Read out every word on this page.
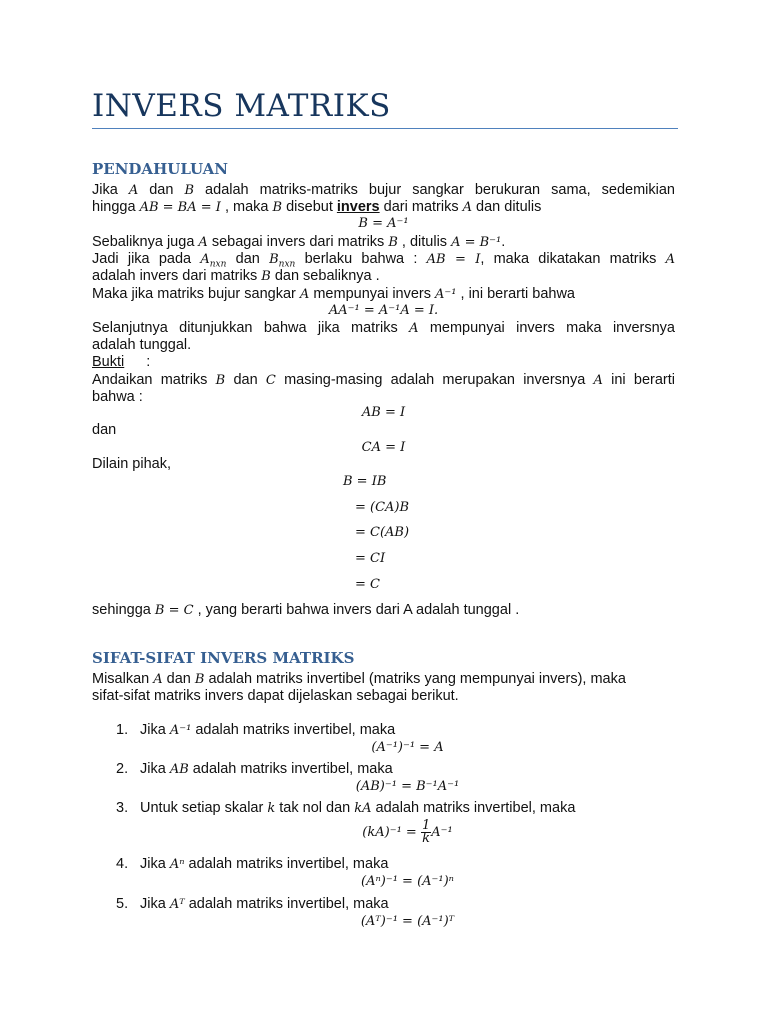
INVERS MATRIKS
PENDAHULUAN
Jika A dan B adalah matriks-matriks bujur sangkar berukuran sama, sedemikian
hingga AB = BA = I , maka B disebut invers dari matriks A dan ditulis
B = A⁻¹
Sebaliknya juga A sebagai invers dari matriks B , ditulis A = B⁻¹.
Jadi jika pada $A_{nxn}$ dan $B_{nxn}$ berlaku bahwa : AB = I, maka dikatakan matriks A
adalah invers dari matriks B dan sebaliknya .
Maka jika matriks bujur sangkar A mempunyai invers A⁻¹ , ini berarti bahwa
AA⁻¹ = A⁻¹A = I.
Selanjutnya ditunjukkan bahwa jika matriks A mempunyai invers maka inversnya
adalah tunggal.
Bukti :
Andaikan matriks B dan C masing-masing adalah merupakan inversnya A ini berarti
bahwa :
AB = I
dan
CA = I
Dilain pihak,
B = IB
= (CA)B
= C(AB)
= CI
= C
sehingga B = C , yang berarti bahwa invers dari A adalah tunggal .
SIFAT-SIFAT INVERS MATRIKS
Misalkan A dan B adalah matriks invertibel (matriks yang mempunyai invers), maka
sifat-sifat matriks invers dapat dijelaskan sebagai berikut.
1. Jika A⁻¹ adalah matriks invertibel, maka
(A⁻¹)⁻¹ = A
2. Jika AB adalah matriks invertibel, maka
(AB)⁻¹ = B⁻¹A⁻¹
3. Untuk setiap skalar k tak nol dan kA adalah matriks invertibel, maka
$(kA)^{-1} = \frac{1}{k} A^{-1}$
4. Jika Aⁿ adalah matriks invertibel, maka
(Aⁿ)⁻¹ = (A⁻¹)ⁿ
5. Jika Aᵀ adalah matriks invertibel, maka
(Aᵀ)⁻¹ = (A⁻¹)ᵀ
